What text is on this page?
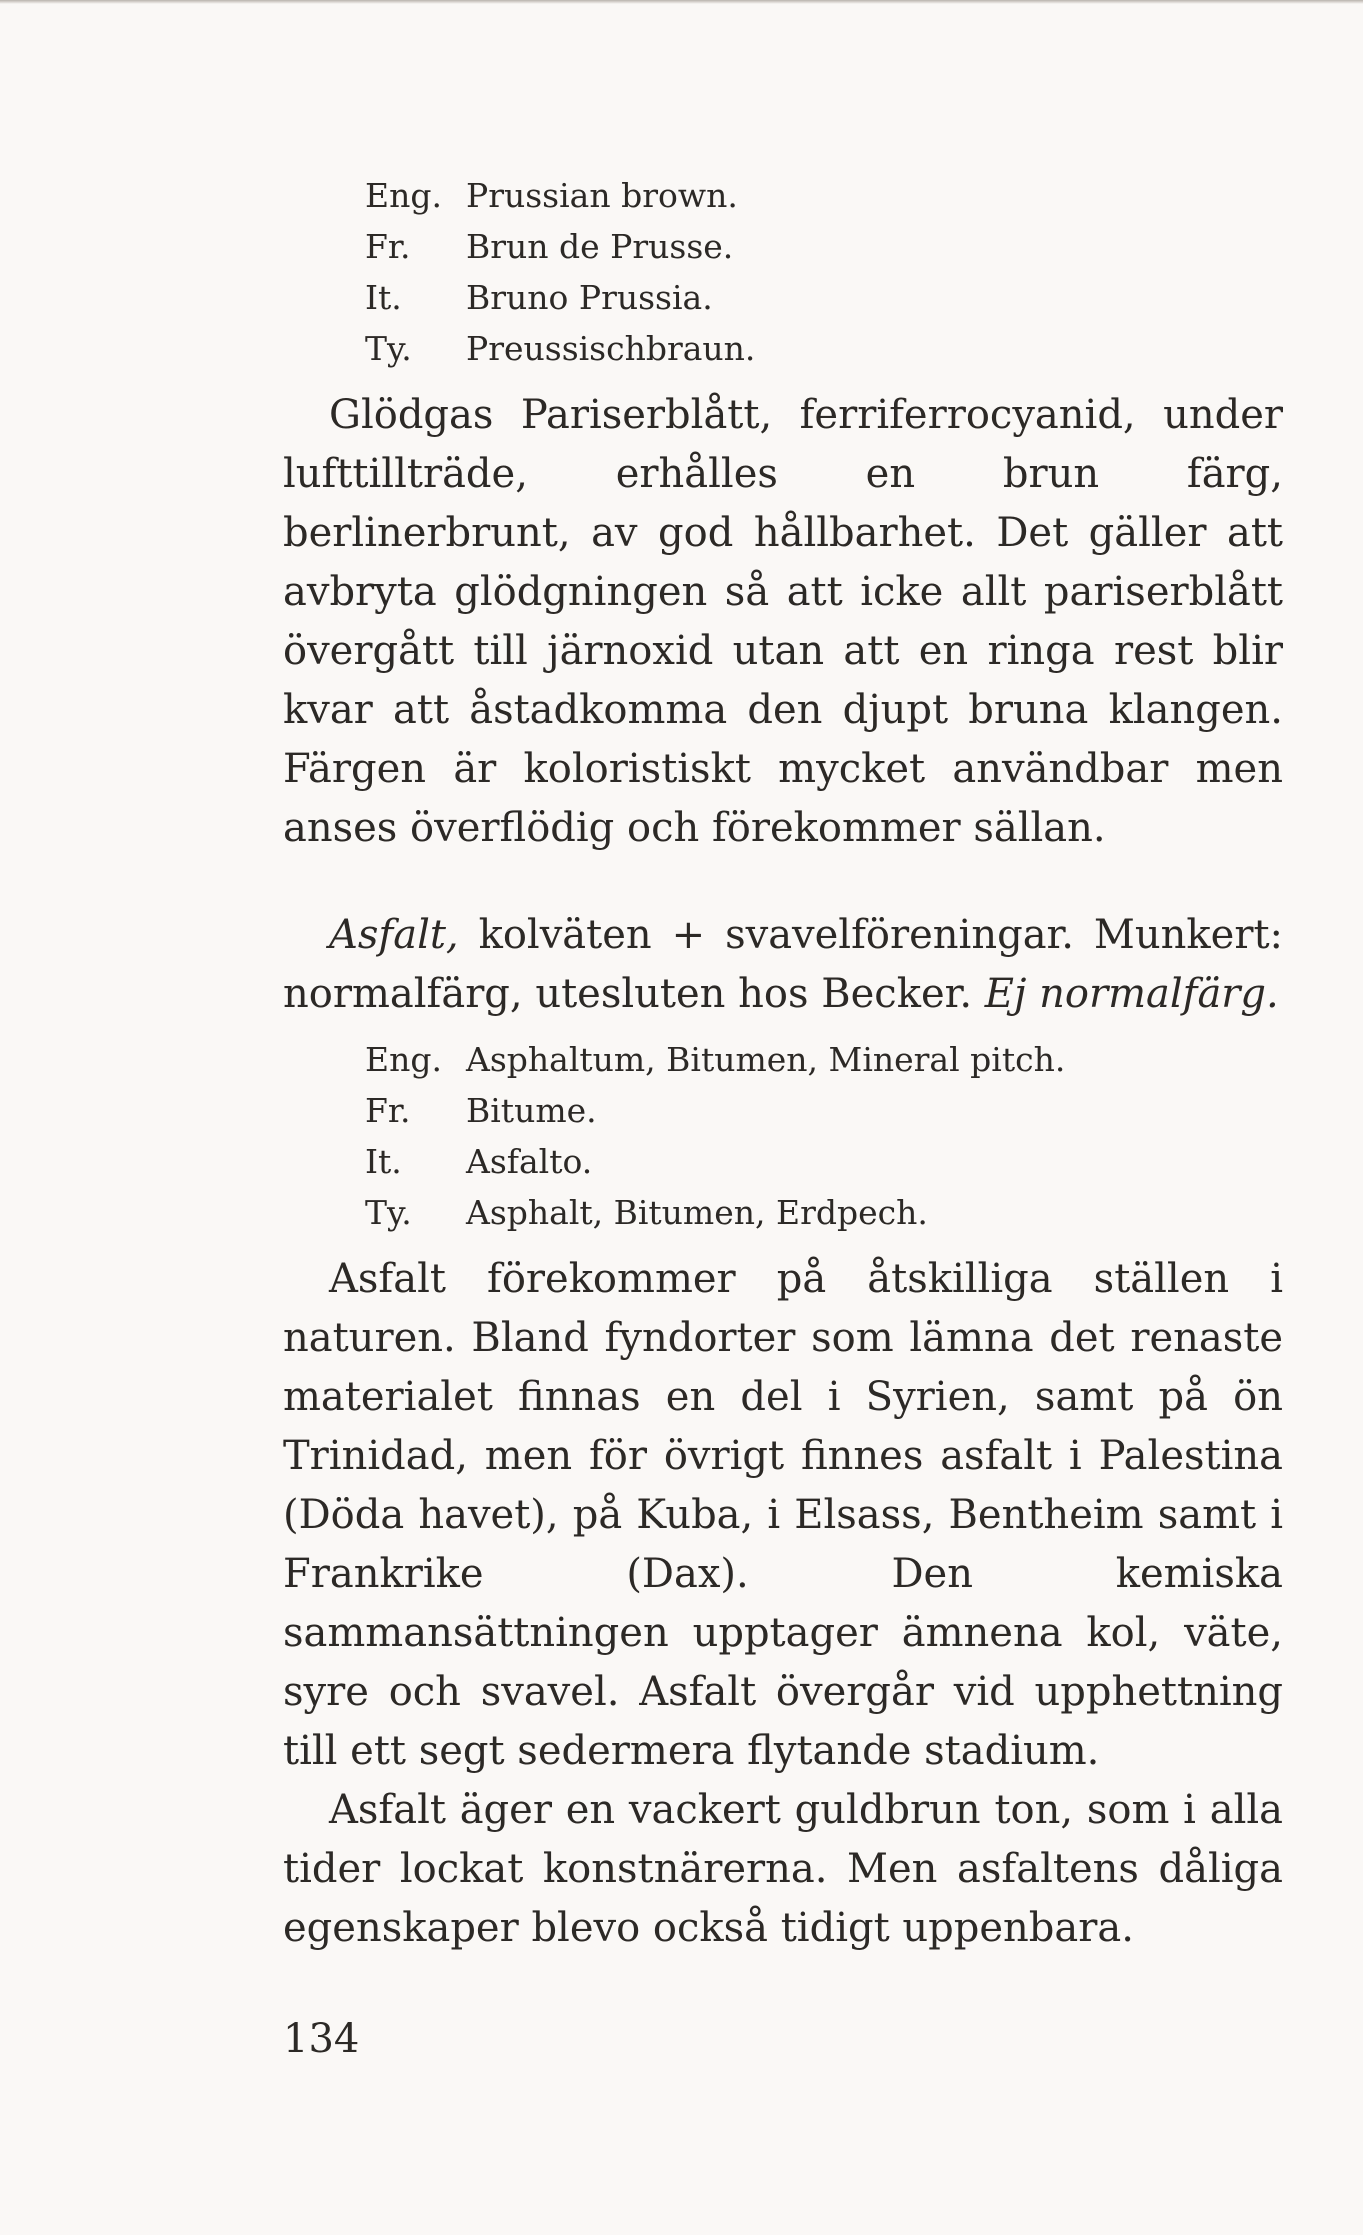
Eng. Prussian brown.
Fr.	Brun de Prusse.
It.	Bruno Prussia.
Ty.	Preussischbraun.

Glödgas Pariserblått, ferriferrocyanid, under lufttillträde, erhålles en brun färg, berlinerbrunt, av god hållbarhet. Det gäller att avbryta glödgningen så att icke allt pariserblått övergått till järnoxid utan att en ringa rest blir kvar att åstadkomma den djupt bruna klangen. Färgen är koloristiskt mycket användbar men anses överflödig och förekommer sällan.

Asfalt, kolväten + svavelföreningar. Munkert: normalfärg, utesluten hos Becker. Ej normalfärg.

Eng. Asphaltum, Bitumen, Mineral pitch.
Fr.	Bitume.
It.	Asfalto.
Ty.	Asphalt, Bitumen, Erdpech.

Asfalt förekommer på åtskilliga ställen i naturen. Bland fyndorter som lämna det renaste materialet finnas en del i Syrien, samt på ön Trinidad, men för övrigt finnes asfalt i Palestina (Döda havet), på Kuba, i Elsass, Bentheim samt i Frankrike (Dax). Den kemiska sammansättningen upptager ämnena kol, väte, syre och svavel. Asfalt övergår vid upphettning till ett segt sedermera flytande stadium.

Asfalt äger en vackert guldbrun ton, som i alla tider lockat konstnärerna. Men asfaltens dåliga egenskaper blevo också tidigt uppenbara.

134
